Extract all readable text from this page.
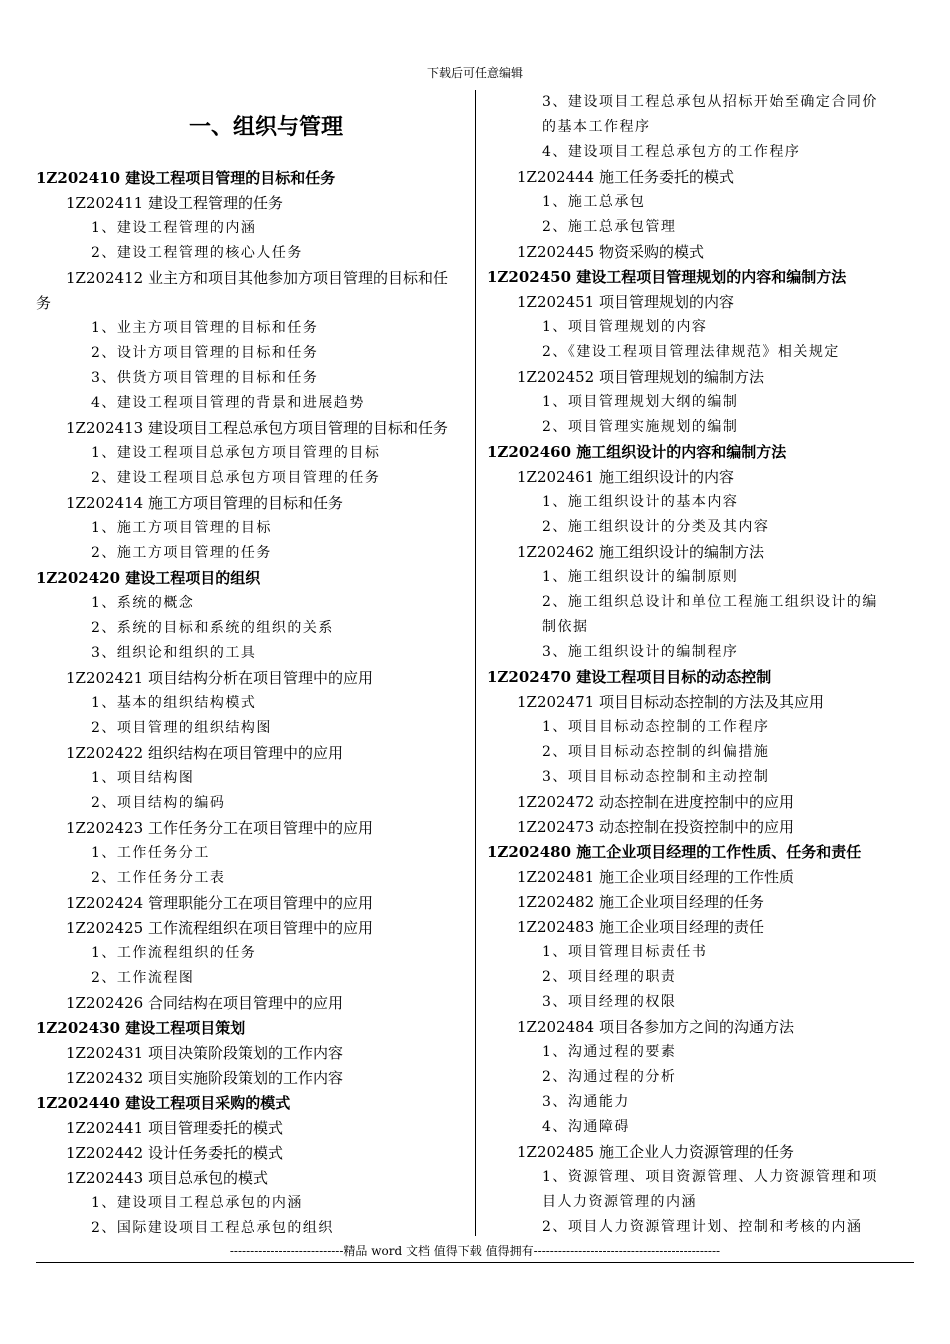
下载后可任意编辑
一、组织与管理
1Z202410 建设工程项目管理的目标和任务
1Z202411 建设工程管理的任务
1、建设工程管理的内涵
2、建设工程管理的核心人任务
1Z202412 业主方和项目其他参加方项目管理的目标和任
务
1、业主方项目管理的目标和任务
2、设计方项目管理的目标和任务
3、供货方项目管理的目标和任务
4、建设工程项目管理的背景和进展趋势
1Z202413 建设项目工程总承包方项目管理的目标和任务
1、建设工程项目总承包方项目管理的目标
2、建设工程项目总承包方项目管理的任务
1Z202414 施工方项目管理的目标和任务
1、施工方项目管理的目标
2、施工方项目管理的任务
1Z202420 建设工程项目的组织
1、系统的概念
2、系统的目标和系统的组织的关系
3、组织论和组织的工具
1Z202421 项目结构分析在项目管理中的应用
1、基本的组织结构模式
2、项目管理的组织结构图
1Z202422 组织结构在项目管理中的应用
1、项目结构图
2、项目结构的编码
1Z202423 工作任务分工在项目管理中的应用
1、工作任务分工
2、工作任务分工表
1Z202424 管理职能分工在项目管理中的应用
1Z202425 工作流程组织在项目管理中的应用
1、工作流程组织的任务
2、工作流程图
1Z202426 合同结构在项目管理中的应用
1Z202430 建设工程项目策划
1Z202431 项目决策阶段策划的工作内容
1Z202432 项目实施阶段策划的工作内容
1Z202440 建设工程项目采购的模式
1Z202441 项目管理委托的模式
1Z202442 设计任务委托的模式
1Z202443 项目总承包的模式
1、建设项目工程总承包的内涵
2、国际建设项目工程总承包的组织
3、建设项目工程总承包从招标开始至确定合同价
的基本工作程序
4、建设项目工程总承包方的工作程序
1Z202444 施工任务委托的模式
1、施工总承包
2、施工总承包管理
1Z202445 物资采购的模式
1Z202450 建设工程项目管理规划的内容和编制方法
1Z202451 项目管理规划的内容
1、项目管理规划的内容
2、《建设工程项目管理法律规范》相关规定
1Z202452 项目管理规划的编制方法
1、项目管理规划大纲的编制
2、项目管理实施规划的编制
1Z202460 施工组织设计的内容和编制方法
1Z202461 施工组织设计的内容
1、施工组织设计的基本内容
2、施工组织设计的分类及其内容
1Z202462 施工组织设计的编制方法
1、施工组织设计的编制原则
2、施工组织总设计和单位工程施工组织设计的编
制依据
3、施工组织设计的编制程序
1Z202470 建设工程项目目标的动态控制
1Z202471 项目目标动态控制的方法及其应用
1、项目目标动态控制的工作程序
2、项目目标动态控制的纠偏措施
3、项目目标动态控制和主动控制
1Z202472 动态控制在进度控制中的应用
1Z202473 动态控制在投资控制中的应用
1Z202480 施工企业项目经理的工作性质、任务和责任
1Z202481 施工企业项目经理的工作性质
1Z202482 施工企业项目经理的任务
1Z202483 施工企业项目经理的责任
1、项目管理目标责任书
2、项目经理的职责
3、项目经理的权限
1Z202484 项目各参加方之间的沟通方法
1、沟通过程的要素
2、沟通过程的分析
3、沟通能力
4、沟通障碍
1Z202485 施工企业人力资源管理的任务
1、资源管理、项目资源管理、人力资源管理和项
目人力资源管理的内涵
2、项目人力资源管理计划、控制和考核的内涵
----------------------------精品 word 文档 值得下载 值得拥有----------------------------------------------
